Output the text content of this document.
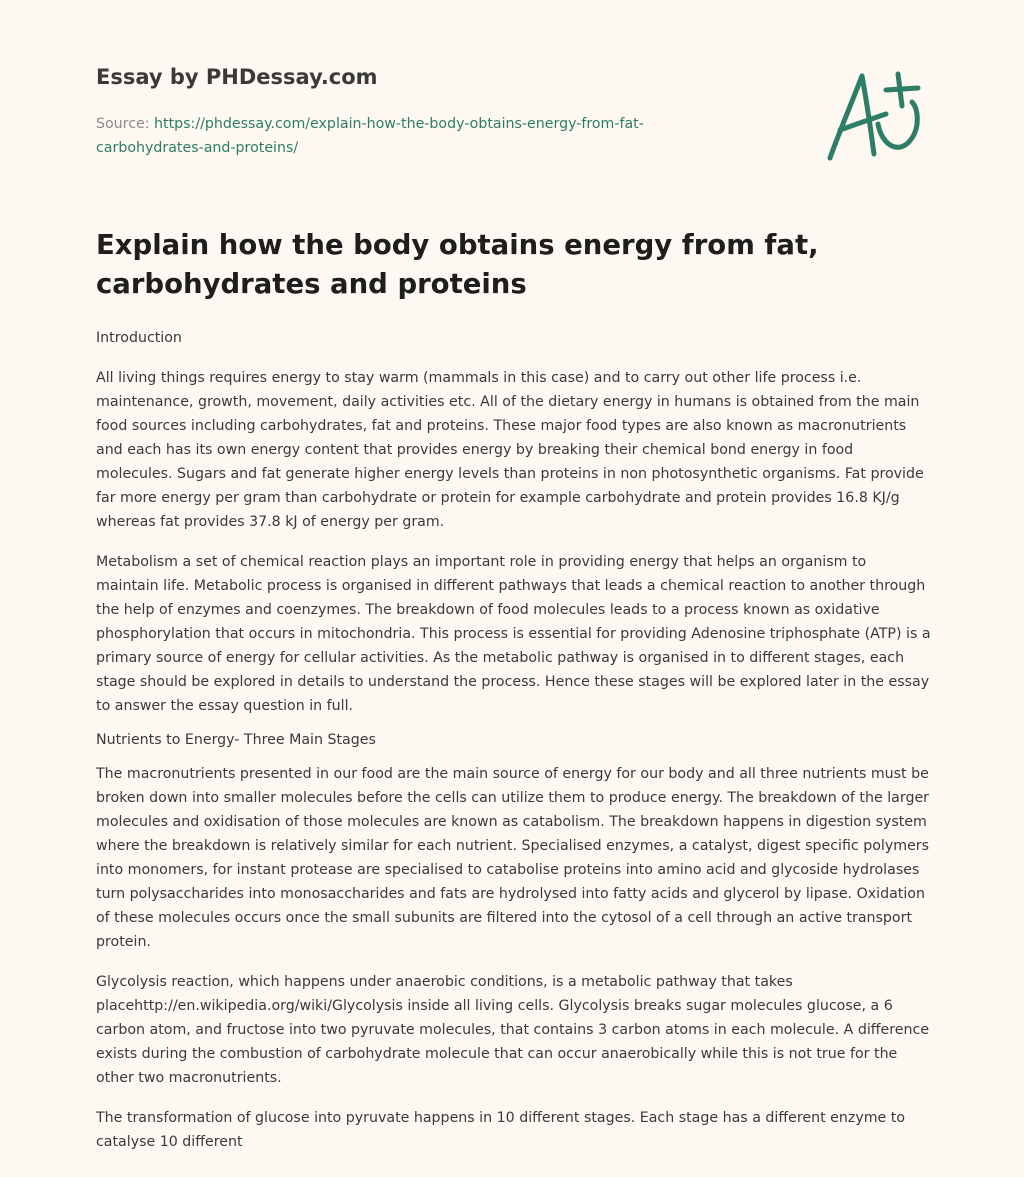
Essay by PHDessay.com
Source: https://phdessay.com/explain-how-the-body-obtains-energy-from-fat-
carbohydrates-and-proteins/
Explain how the body obtains energy from fat, carbohydrates and proteins

Introduction

All living things requires energy to stay warm (mammals in this case) and to carry out other life process i.e. maintenance, growth, movement, daily activities etc. All of the dietary energy in humans is obtained from the main food sources including carbohydrates, fat and proteins. These major food types are also known as macronutrients and each has its own energy content that provides energy by breaking their chemical bond energy in food molecules. Sugars and fat generate higher energy levels than proteins in non photosynthetic organisms. Fat provide far more energy per gram than carbohydrate or protein for example carbohydrate and protein provides 16.8 KJ/g whereas fat provides 37.8 kJ of energy per gram.

Metabolism a set of chemical reaction plays an important role in providing energy that helps an organism to maintain life. Metabolic process is organised in different pathways that leads a chemical reaction to another through the help of enzymes and coenzymes. The breakdown of food molecules leads to a process known as oxidative phosphorylation that occurs in mitochondria. This process is essential for providing Adenosine triphosphate (ATP) is a primary source of energy for cellular activities. As the metabolic pathway is organised in to different stages, each stage should be explored in details to understand the process. Hence these stages will be explored later in the essay to answer the essay question in full.

Nutrients to Energy- Three Main Stages

The macronutrients presented in our food are the main source of energy for our body and all three nutrients must be broken down into smaller molecules before the cells can utilize them to produce energy. The breakdown of the larger molecules and oxidisation of those molecules are known as catabolism. The breakdown happens in digestion system where the breakdown is relatively similar for each nutrient. Specialised enzymes, a catalyst, digest specific polymers into monomers, for instant protease are specialised to catabolise proteins into amino acid and glycoside hydrolases turn polysaccharides into monosaccharides and fats are hydrolysed into fatty acids and glycerol by lipase. Oxidation of these molecules occurs once the small subunits are filtered into the cytosol of a cell through an active transport protein.

Glycolysis reaction, which happens under anaerobic conditions, is a metabolic pathway that takes placehttp://en.wikipedia.org/wiki/Glycolysis inside all living cells. Glycolysis breaks sugar molecules glucose, a 6 carbon atom, and fructose into two pyruvate molecules, that contains 3 carbon atoms in each molecule. A difference exists during the combustion of carbohydrate molecule that can occur anaerobically while this is not true for the other two macronutrients.

The transformation of glucose into pyruvate happens in 10 different stages. Each stage has a different enzyme to catalyse 10 different
